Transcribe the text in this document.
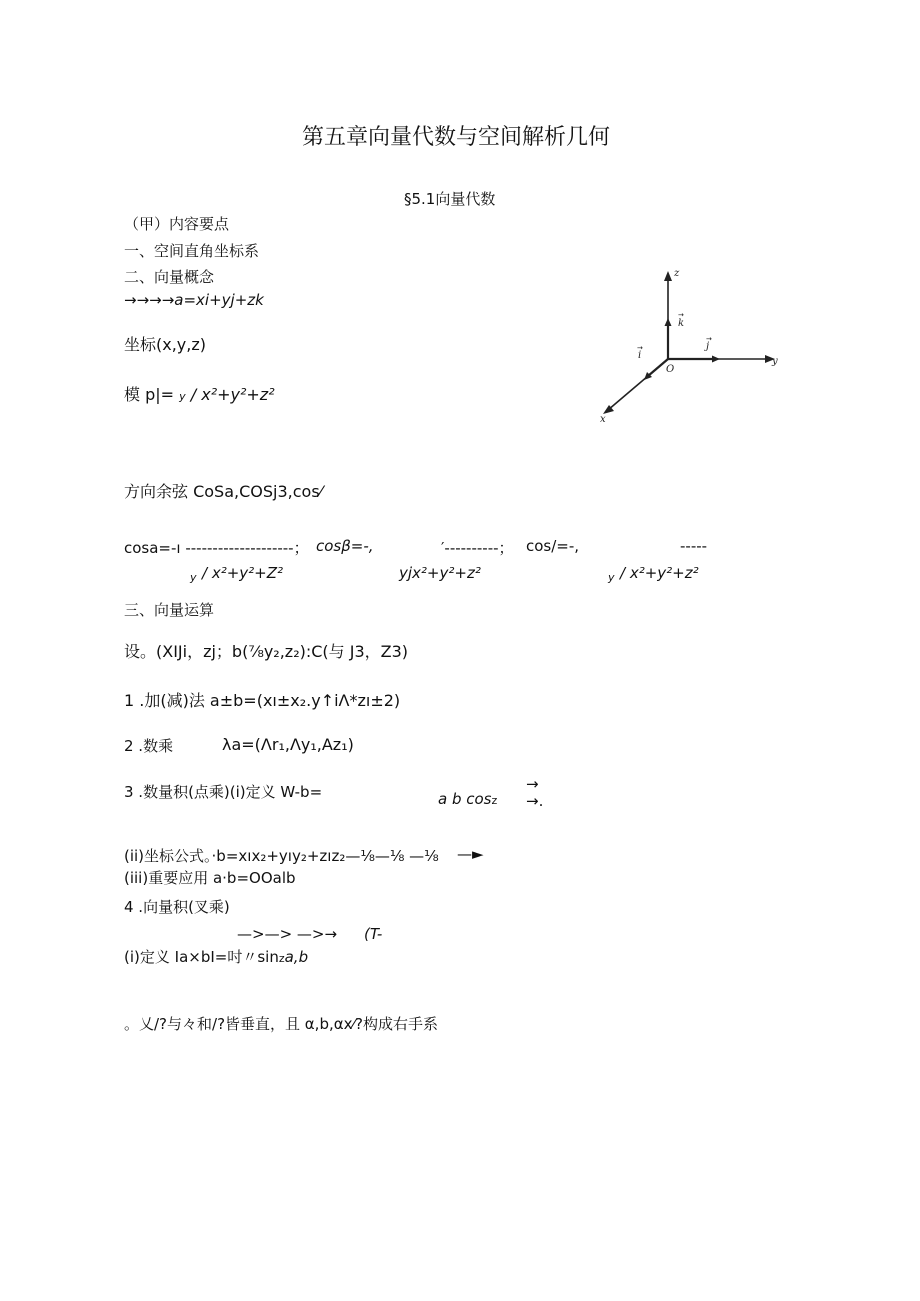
第五章向量代数与空间解析几何
§5.1向量代数
（甲）内容要点
一、空间直角坐标系
二、向量概念
→→→→a=xi+yj+zk
坐标(x,y,z)
模 p|= y / x²+y²+z²
z
y
x
O
k
j
i
→
→
→
方向余弦 CoSa,COSj3,cos⁄
cosa=-ı --------------------； cosβ=-,	′----------； cos/=-,	-----
y / x²+y²+Z²	yjx²+y²+z²	y / x²+y²+z²
三、向量运算
设。(XIJi，zj；b(⅞y₂,z₂):C(与 J3，Z3)
1 .加(减)法 a±b=(xı±x₂.y↑iΛ*zı±2)
2 .数乘	λa=(Λr₁,Λy₁,Az₁)
3 .数量积(点乘)(i)定义 W-b=	→
a b cosz →.
(ii)坐标公式。·b=xıx₂+yıy₂+zız₂—⅛—⅛ —⅛ —►
(iii)重要应用 a·b=OOalb
4 .向量积(叉乘)
—>—> —>→ (T-
(i)定义 Ia×bI=吋〃sinza,b
。乂/?与々和/?皆垂直，且 α,b,αx⁄?构成右手系
